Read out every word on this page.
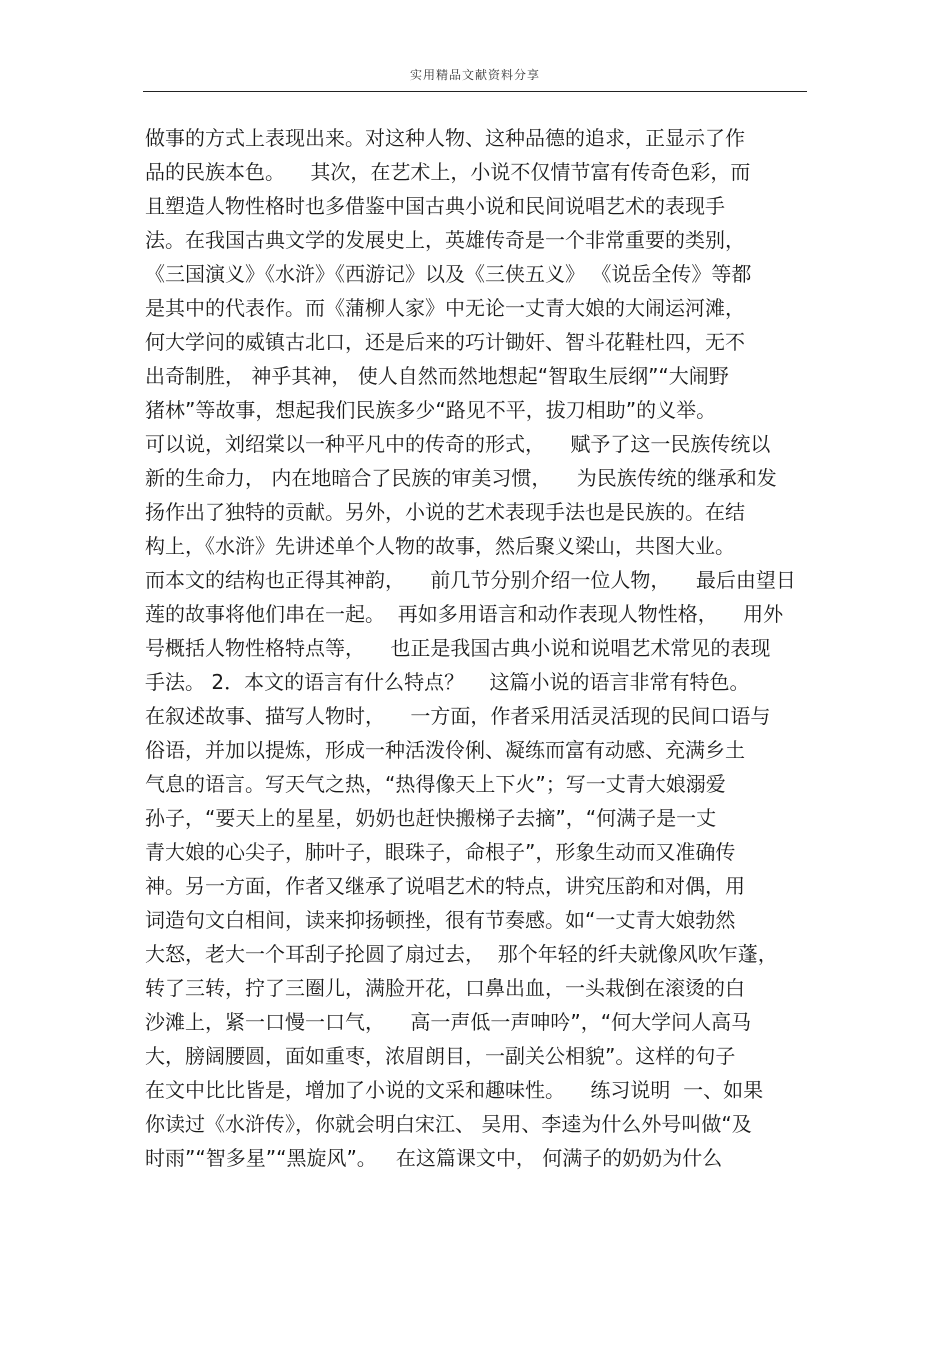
实用精品文献资料分享
做事的方式上表现出来。对这种人物、这种品德的追求，正显示了作
品的民族本色。    其次，在艺术上，小说不仅情节富有传奇色彩，而
且塑造人物性格时也多借鉴中国古典小说和民间说唱艺术的表现手
法。在我国古典文学的发展史上，英雄传奇是一个非常重要的类别，
《三国演义》《水浒》《西游记》以及《三侠五义》 《说岳全传》等都
是其中的代表作。而《蒲柳人家》中无论一丈青大娘的大闹运河滩，
何大学问的威镇古北口，还是后来的巧计锄奸、智斗花鞋杜四，无不
出奇制胜， 神乎其神， 使人自然而然地想起“智取生辰纲”“大闹野
猪林”等故事，想起我们民族多少“路见不平，拔刀相助”的义举。
可以说，刘绍棠以一种平凡中的传奇的形式，    赋予了这一民族传统以
新的生命力， 内在地暗合了民族的审美习惯，    为民族传统的继承和发
扬作出了独特的贡献。另外，小说的艺术表现手法也是民族的。在结
构上，《水浒》先讲述单个人物的故事，然后聚义梁山，共图大业。
而本文的结构也正得其神韵，    前几节分别介绍一位人物，    最后由望日
莲的故事将他们串在一起。  再如多用语言和动作表现人物性格，    用外
号概括人物性格特点等，    也正是我国古典小说和说唱艺术常见的表现
手法。 2．本文的语言有什么特点？    这篇小说的语言非常有特色。
在叙述故事、描写人物时，    一方面，作者采用活灵活现的民间口语与
俗语，并加以提炼，形成一种活泼伶俐、凝练而富有动感、充满乡土
气息的语言。写天气之热，“热得像天上下火”；写一丈青大娘溺爱
孙子，“要天上的星星，奶奶也赶快搬梯子去摘”，“何满子是一丈
青大娘的心尖子，肺叶子，眼珠子，命根子”，形象生动而又准确传
神。另一方面，作者又继承了说唱艺术的特点，讲究压韵和对偶，用
词造句文白相间，读来抑扬顿挫，很有节奏感。如“一丈青大娘勃然
大怒，老大一个耳刮子抡圆了扇过去，  那个年轻的纤夫就像风吹乍蓬，
转了三转，拧了三圈儿，满脸开花，口鼻出血，一头栽倒在滚烫的白
沙滩上，紧一口慢一口气，    高一声低一声呻吟”，“何大学问人高马
大，膀阔腰圆，面如重枣，浓眉朗目，一副关公相貌”。这样的句子
在文中比比皆是，增加了小说的文采和趣味性。    练习说明  一、如果
你读过《水浒传》，你就会明白宋江、 吴用、李逵为什么外号叫做“及
时雨”“智多星”“黑旋风”。   在这篇课文中， 何满子的奶奶为什么
